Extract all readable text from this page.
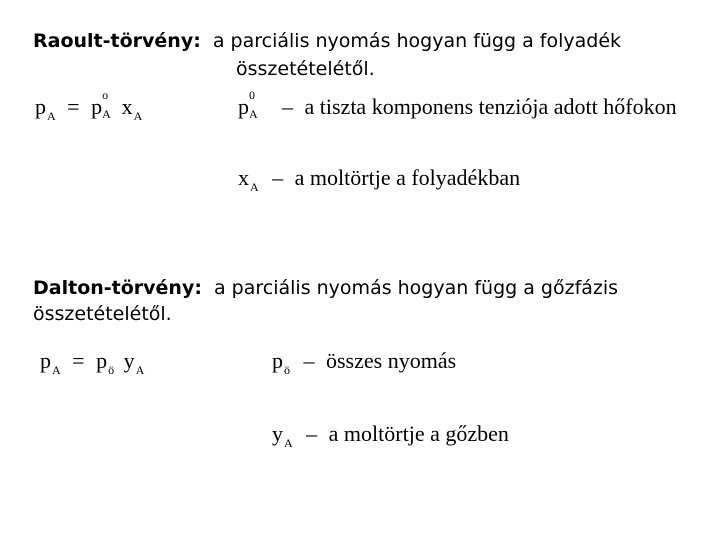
Raoult-törvény: a parciális nyomás hogyan függ a folyadék
összetételétől.
$p_A = p$ o
A $x_A$	p 0
A – a tiszta komponens tenziója adott hőfokon
$x_A$ – a moltörtje a folyadékban
Dalton-törvény: a parciális nyomás hogyan függ a gőzfázis
összetételétől.
$p_A = p_ö$ $y_A$	$p_ö$ – összes nyomás
$y_A$ – a moltörtje a gőzben
